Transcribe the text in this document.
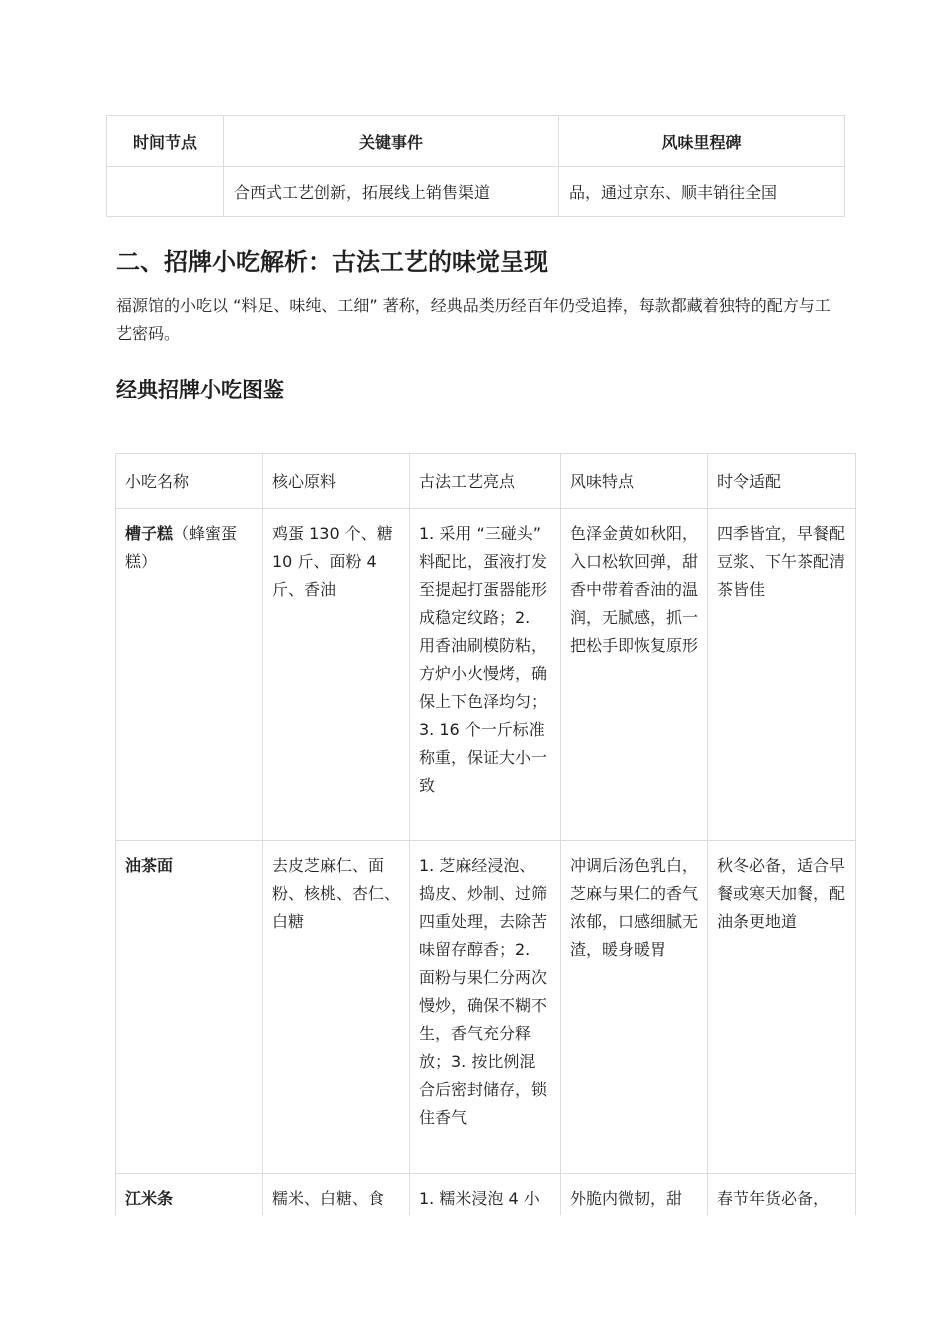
时间节点	关键事件	风味里程碑
	合西式工艺创新，拓展线上销售渠道	品，通过京东、顺丰销往全国
二、招牌小吃解析：古法工艺的味觉呈现

福源馆的小吃以 “料足、味纯、工细” 著称，经典品类历经百年仍受追捧，每款都藏着独特的配方与工艺密码。

经典招牌小吃图鉴
小吃名称	核心原料	古法工艺亮点	风味特点	时令适配
槽子糕（蜂蜜蛋糕）	鸡蛋 130 个、糖 10 斤、面粉 4 斤、香油	1. 采用 “三碰头” 料配比，蛋液打发至提起打蛋器能形成稳定纹路；2. 用香油刷模防粘，方炉小火慢烤，确保上下色泽均匀；3. 16 个一斤标准称重，保证大小一致	色泽金黄如秋阳，入口松软回弹，甜香中带着香油的温润，无腻感，抓一把松手即恢复原形	四季皆宜，早餐配豆浆、下午茶配清茶皆佳
油茶面	去皮芝麻仁、面粉、核桃、杏仁、白糖	1. 芝麻经浸泡、捣皮、炒制、过筛四重处理，去除苦味留存醇香；2. 面粉与果仁分两次慢炒，确保不糊不生，香气充分释放；3. 按比例混合后密封储存，锁住香气	冲调后汤色乳白，芝麻与果仁的香气浓郁，口感细腻无渣，暖身暖胃	秋冬必备，适合早餐或寒天加餐，配油条更地道
江米条	糯米、白糖、食	1. 糯米浸泡 4 小	外脆内微韧，甜	春节年货必备，
